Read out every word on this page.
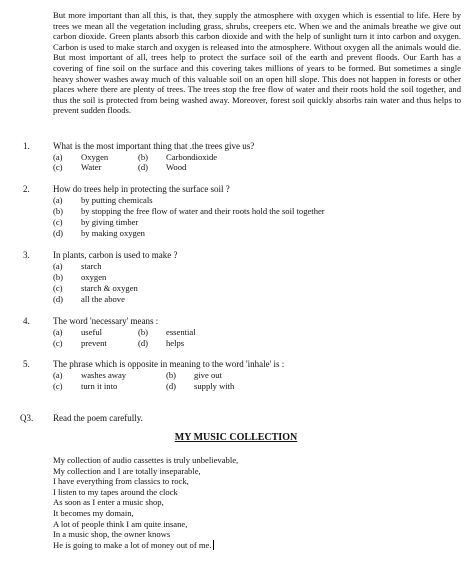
But more important than all this, is that, they supply the atmosphere with oxygen which is essential to life. Here by trees we mean all the vegetation including grass, shrubs, creepers etc. When we and the animals breathe we give out carbon dioxide. Green plants absorb this carbon dioxide and with the help of sunlight turn it into carbon and oxygen. Carbon is used to make starch and oxygen is released into the atmosphere. Without oxygen all the animals would die. But most important of all, trees help to protect the surface soil of the earth and prevent floods. Our Earth has a covering of fine soil on the surface and this covering takes millions of years to be formed. But sometimes a single heavy shower washes away much of this valuable soil on an open hill slope. This does not happen in forests or other places where there are plenty of trees. The trees stop the free flow of water and their roots hold the soil together, and thus the soil is protected from being washed away. Moreover, forest soil quickly absorbs rain water and thus helps to prevent sudden floods.
1.	What is the most important thing that .the trees give us?
(a) Oxygen	(b) Carbondioxide
(c) Water	(d) Wood
2.	How do trees help in protecting the surface soil ?
(a) by putting chemicals
(b) by stopping the free flow of water and their roots hold the soil together
(c) by giving timber
(d) by making oxygen
3.	In plants, carbon is used to make ?
(a) starch
(b) oxygen
(c) starch & oxygen
(d) all the above
4.	The word 'necessary' means :
(a) useful	(b) essential
(c) prevent	(d) helps
5.	The phrase which is opposite in meaning to the word 'inhale' is :
(a) washes away	(b) give out
(c) turn it into	(d) supply with
Q3. Read the poem carefully.
MY MUSIC COLLECTION
My collection of audio cassettes is truly unbelievable,
My collection and I are totally inseparable,
I have everything from classics to rock,
I listen to my tapes around the clock
As soon as I enter a music shop,
It becomes my domain,
A lot of people think I am quite insane,
In a music shop, the owner knows
He is going to make a lot of money out of me.
